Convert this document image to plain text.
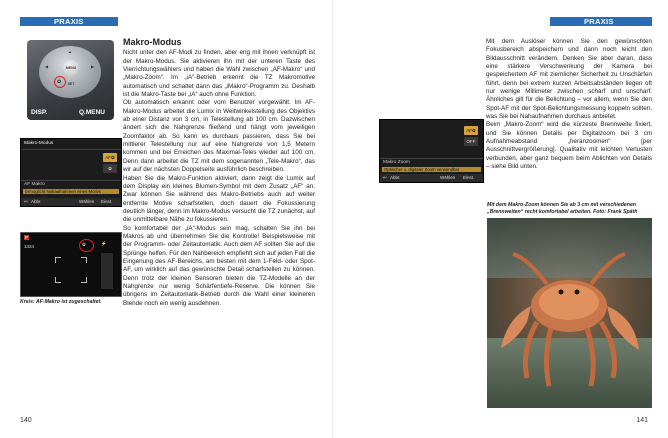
PRAXIS
MENU SET
▲
◀	▶
✿
DISP.	Q.MENU
Makro-Modus
AF✿
✿
AF Makro
Ermöglicht Nahaufnahmen eines Motivs
↩ Abbr.	Wählen Einst.
P
1334	✿	⚡
Kreis: AF-Makro ist zugeschaltet.
Makro-Modus

Nicht unter den AF-Modi zu finden, aber eng mit ihnen verknüpft ist der Makro-Modus. Sie aktivieren ihn mit der unteren Taste des Vierrichtungswählers und haben die Wahl zwischen „AF-Makro“ und „Makro-Zoom“. Im „iA“-Betrieb erkennt die TZ Makromotive automatisch und schaltet dann das „iMakro“-Programm zu. Deshalb ist die Makro-Taste bei „iA“ auch ohne Funktion.

Ob automatisch erkannt oder vom Benutzer vorgewählt: Im AF-Makro-Modus arbeitet die Lumix in Weitwinkelstellung des Objektivs ab einer Distanz von 3 cm, in Telestellung ab 100 cm. Dazwischen ändert sich die Nahgrenze fließend und hängt vom jeweiligen Zoomfaktor ab. So kann es durchaus passieren, dass Sie bei mittlerer Telestellung nur auf eine Nahgrenze von 1,5 Metern kommen und bei Erreichen des Maximal-Teles wieder auf 100 cm. Denn dann arbeitet die TZ mit dem sogenannten „Tele-Makro“, das wir auf der nächsten Doppelseite ausführlich beschreiben.

Haben Sie die Makro-Funktion aktiviert, dann zeigt die Lumix auf dem Display ein kleines Blumen-Symbol mit dem Zusatz „AF“ an. Zwar können Sie während des Makro-Betriebs auch auf weiter entfernte Motive scharfstellen, doch dauert die Fokussierung deutlich länger, denn im Makro-Modus versucht die TZ zunächst, auf die unmittelbare Nähe zu fokussieren.

So komfortabel der „iA“-Modus sein mag, schalten Sie ihn bei Makros ab und übernehmen Sie die Kontrolle! Beispielsweise mit der Programm- oder Zeitautomatik. Auch dem AF sollten Sie auf die Sprünge helfen. Für den Nahbereich empfiehlt sich auf jeden Fall die Eingenung des AF-Bereichs, am besten mit dem 1-Feld- oder Spot-AF, um wirklich auf das gewünschte Detail scharfstellen zu können. Denn trotz der kleinen Sensoren bieten die TZ-Modelle an der Nahgrenze nur wenig Schärfentiefe-Reserve. Die können Sie übrigens im Zeitautomatik-Betrieb durch die Wahl einer kleineren Blende noch ein wenig ausdehnen.

140
PRAXIS
AF✿
OFF
Makro Zoom
Optischer u. digitaler Zoom verwendbar
↩ Abbr.	Wählen Einst.

Mit dem Auslöser können Sie den gewünschten Fokusbereich abspeichern und dann noch leicht den Bildausschnitt verändern. Denken Sie aber daran, dass eine stärkere Verschwenkung der Kamera bei gespeichertem AF mit ziemlicher Sicherheit zu Unschärfen führt, denn bei extrem kurzen Arbeitsabständen liegen oft nur wenige Millimeter zwischen scharf und unscharf. Ähnliches gilt für die Belichtung – vor allem, wenn Sie den Spot-AF mit der Spot-Belichtungsmessung koppeln sollten, was Sie bei Nahaufnahmen durchaus anbietet.

Beim „Makro-Zoom“ wird die kürzeste Brennweite fixiert, und Sie können Details per Digitalzoom bei 3 cm Aufnahmeabstand „heranzoomen“ [per Ausschnittvergrößerung]. Qualitativ mit leichten Verlusten verbunden, aber ganz bequem beim Ablichten von Details – siehe Bild unten.

Mit dem Makro-Zoom können Sie ab 3 cm mit verschiedenen „Brennweiten“ recht komfortabel arbeiten. Foto: Frank Späth
141
